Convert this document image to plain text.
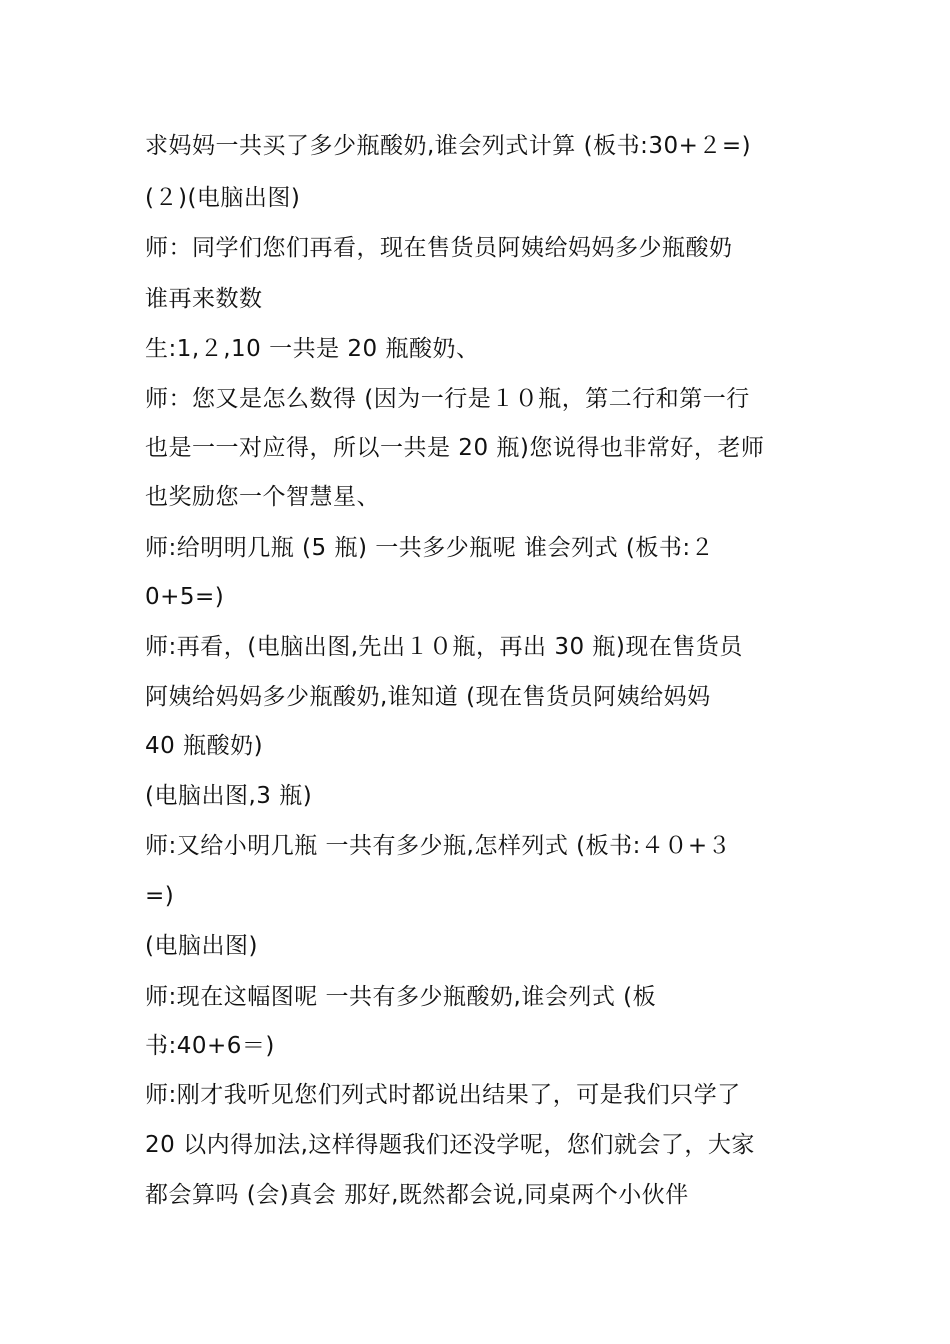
求妈妈一共买了多少瓶酸奶,谁会列式计算 (板书:30+２=)
(２)(电脑出图)
师：同学们您们再看，现在售货员阿姨给妈妈多少瓶酸奶
谁再来数数
生:1,２,10 一共是 20 瓶酸奶、
师：您又是怎么数得 (因为一行是１０瓶，第二行和第一行
也是一一对应得，所以一共是 20 瓶)您说得也非常好，老师
也奖励您一个智慧星、
师:给明明几瓶 (5 瓶) 一共多少瓶呢 谁会列式 (板书:２
0+5=)
师:再看，(电脑出图,先出１０瓶，再出 30 瓶)现在售货员
阿姨给妈妈多少瓶酸奶,谁知道 (现在售货员阿姨给妈妈
40 瓶酸奶)
(电脑出图,3 瓶)
师:又给小明几瓶 一共有多少瓶,怎样列式 (板书:４０+３
=)
(电脑出图)
师:现在这幅图呢 一共有多少瓶酸奶,谁会列式 (板
书:40+6＝)
师:刚才我听见您们列式时都说出结果了，可是我们只学了
20 以内得加法,这样得题我们还没学呢，您们就会了，大家
都会算吗 (会)真会 那好,既然都会说,同桌两个小伙伴
